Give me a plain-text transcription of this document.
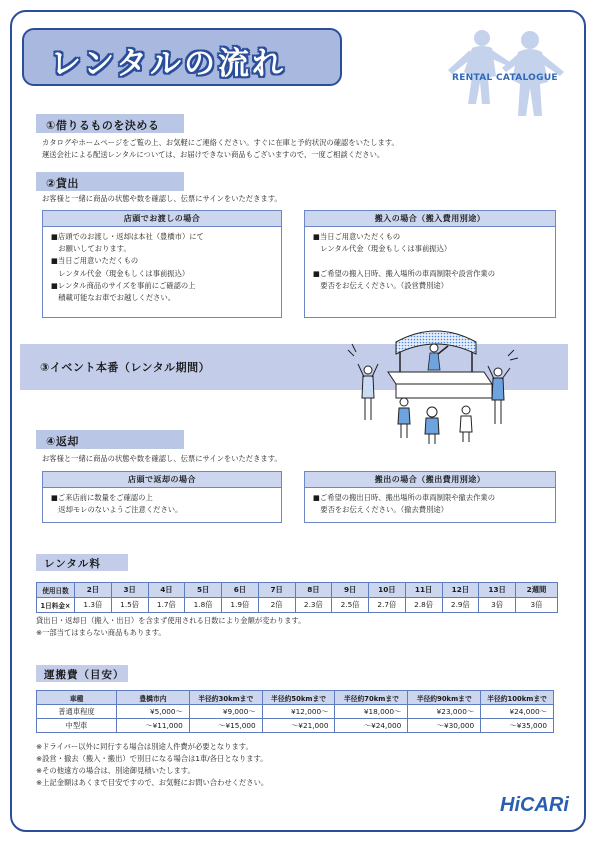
レンタルの流れ	RENTAL CATALOGUE
①借りるものを決める
カタログやホームページをご覧の上、お気軽にご連絡ください。すぐに在庫と予約状況の確認をいたします。
運送会社による配送レンタルについては、お届けできない商品もございますので、一度ご相談ください。
②貸出
お客様と一緒に商品の状態や数を確認し、伝票にサインをいただきます。
店頭でお渡しの場合
■店頭でのお渡し・返却は本社（豊橋市）にて
　お願いしております。
■当日ご用意いただくもの
　レンタル代金（現金もしくは事前振込）
■レンタル商品のサイズを事前にご確認の上
　積載可能なお車でお越しください。
搬入の場合（搬入費用別途）
■当日ご用意いただくもの
　レンタル代金（現金もしくは事前振込）

■ご希望の搬入日時、搬入場所の車両制限や設営作業の
　要否をお伝えください。（設営費別途）
③イベント本番（レンタル期間）
④返却
お客様と一緒に商品の状態や数を確認し、伝票にサインをいただきます。
店頭で返却の場合
■ご来店前に数量をご確認の上
　返却モレのないようご注意ください。
搬出の場合（搬出費用別途）
■ご希望の搬出日時、搬出場所の車両制限や撤去作業の
　要否をお伝えください。（撤去費別途）
レンタル料
使用日数	2日	3日	4日	5日	6日	7日	8日	9日	10日	11日	12日	13日	2週間
1日料金×	1.3倍	1.5倍	1.7倍	1.8倍	1.9倍	2倍	2.3倍	2.5倍	2.7倍	2.8倍	2.9倍	3倍	3倍
貸出日・返却日（搬入・出日）を含まず使用される日数により金額が変わります。
※一部当てはまらない商品もあります。
運搬費（目安）
車種	豊橋市内	半径約30kmまで	半径約50kmまで	半径約70kmまで	半径約90kmまで	半径約100kmまで
普通車程度	¥5,000〜	¥9,000〜	¥12,000〜	¥18,000〜	¥23,000〜	¥24,000〜
中型車	〜¥11,000	〜¥15,000	〜¥21,000	〜¥24,000	〜¥30,000	〜¥35,000
※ドライバー以外に同行する場合は別途人件費が必要となります。
※設営・撤去（搬入・搬出）で別日になる場合は1車/各日となります。
※その他遠方の場合は、別途御見積いたします。
※上記金額はあくまで目安ですので、お気軽にお問い合わせください。
HiCARi
